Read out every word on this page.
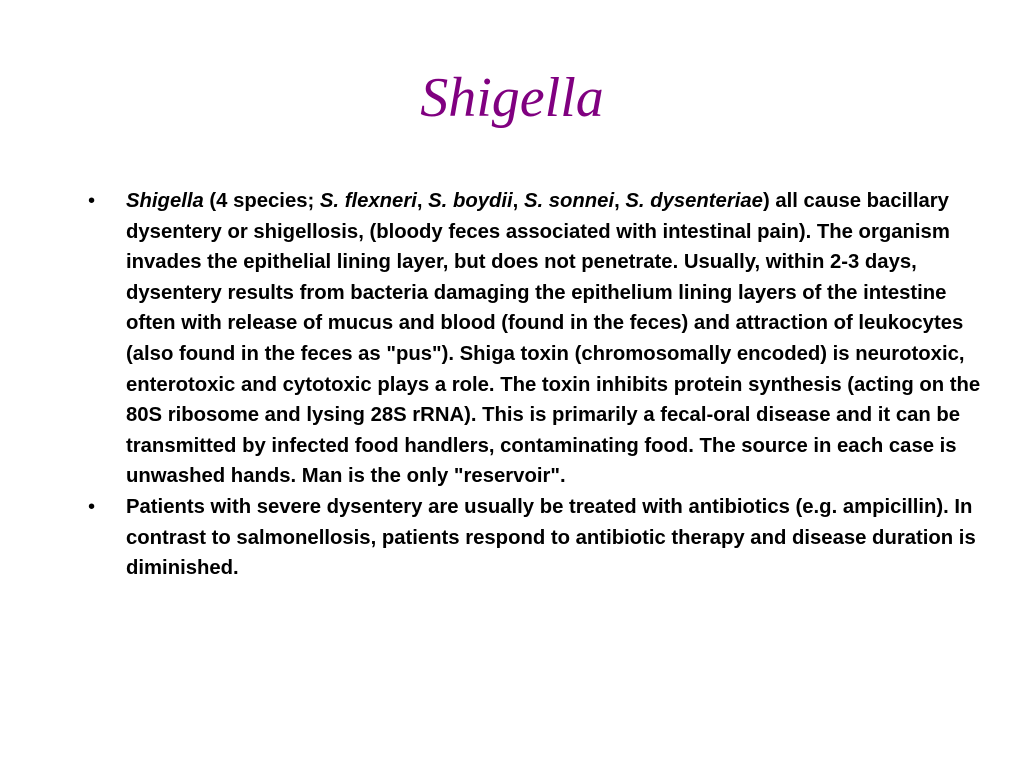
Shigella
•	Shigella (4 species; S. flexneri, S. boydii, S. sonnei, S. dysenteriae) all cause bacillary dysentery or shigellosis, (bloody feces associated with intestinal pain). The organism invades the epithelial lining layer, but does not penetrate. Usually, within 2-3 days, dysentery results from bacteria damaging the epithelium lining layers of the intestine often with release of mucus and blood (found in the feces) and attraction of leukocytes (also found in the feces as "pus"). Shiga toxin (chromosomally encoded) is neurotoxic, enterotoxic and cytotoxic plays a role. The toxin inhibits protein synthesis (acting on the 80S ribosome and lysing 28S rRNA). This is primarily a fecal-oral disease and it can be transmitted by infected food handlers, contaminating food. The source in each case is unwashed hands. Man is the only "reservoir".
•	Patients with severe dysentery are usually be treated with antibiotics (e.g. ampicillin). In contrast to salmonellosis, patients respond to antibiotic therapy and disease duration is diminished.
